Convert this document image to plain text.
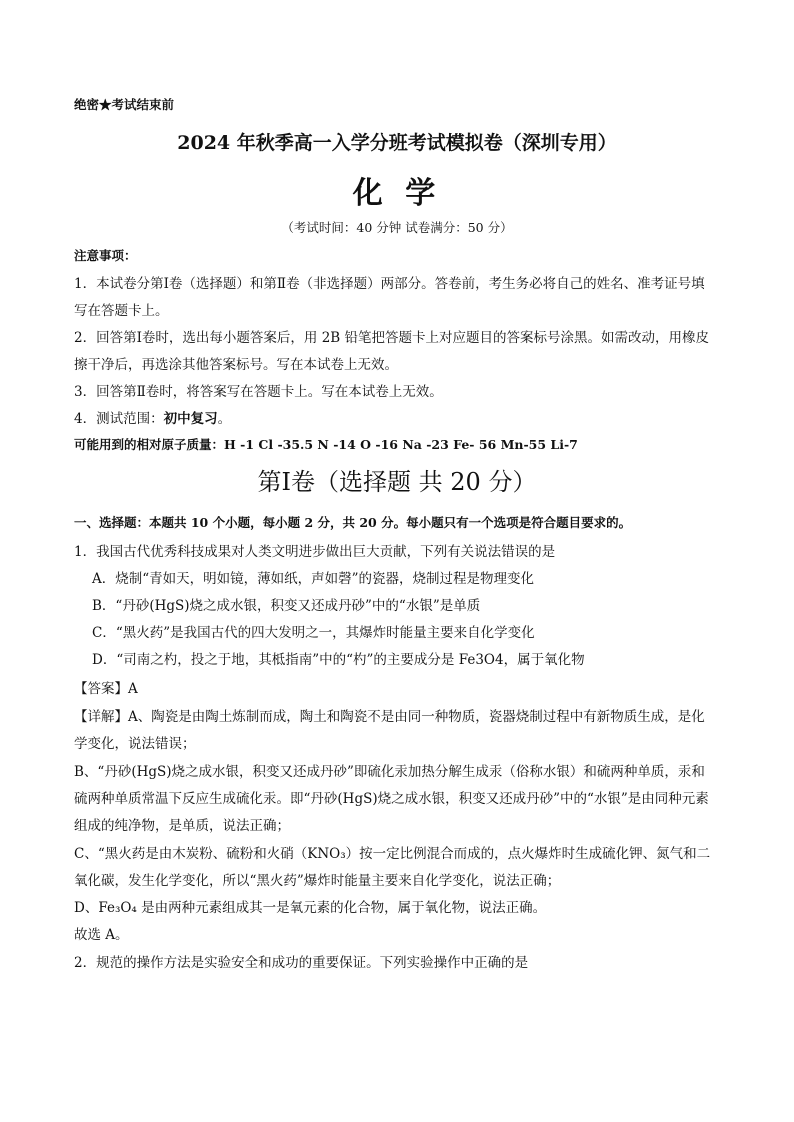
绝密★考试结束前
2024 年秋季高一入学分班考试模拟卷（深圳专用）
化 学
（考试时间：40 分钟 试卷满分：50 分）
注意事项：
1．本试卷分第Ⅰ卷（选择题）和第Ⅱ卷（非选择题）两部分。答卷前，考生务必将自己的姓名、准考证号填
写在答题卡上。
2．回答第Ⅰ卷时，选出每小题答案后，用 2B 铅笔把答题卡上对应题目的答案标号涂黑。如需改动，用橡皮
擦干净后，再选涂其他答案标号。写在本试卷上无效。
3．回答第Ⅱ卷时，将答案写在答题卡上。写在本试卷上无效。
4．测试范围：初中复习。
可能用到的相对原子质量：H -1 Cl -35.5 N -14 O -16 Na -23 Fe- 56 Mn-55 Li-7
第Ⅰ卷（选择题 共 20 分）
一、选择题：本题共 10 个小题，每小题 2 分，共 20 分。每小题只有一个选项是符合题目要求的。
1．我国古代优秀科技成果对人类文明进步做出巨大贡献，下列有关说法错误的是
A．烧制“青如天，明如镜，薄如纸，声如磬”的瓷器，烧制过程是物理变化
B．“丹砂(HgS)烧之成水银，积变又还成丹砂”中的“水银”是单质
C．“黑火药”是我国古代的四大发明之一，其爆炸时能量主要来自化学变化
D．“司南之杓，投之于地，其柢指南”中的“杓”的主要成分是 Fe3O4，属于氧化物
【答案】A
【详解】A、陶瓷是由陶土炼制而成，陶土和陶瓷不是由同一种物质，瓷器烧制过程中有新物质生成，是化
学变化，说法错误；
B、“丹砂(HgS)烧之成水银，积变又还成丹砂”即硫化汞加热分解生成汞（俗称水银）和硫两种单质，汞和
硫两种单质常温下反应生成硫化汞。即“丹砂(HgS)烧之成水银，积变又还成丹砂”中的“水银”是由同种元素
组成的纯净物，是单质，说法正确；
C、“黑火药是由木炭粉、硫粉和火硝（KNO₃）按一定比例混合而成的，点火爆炸时生成硫化钾、氮气和二
氧化碳，发生化学变化，所以“黑火药”爆炸时能量主要来自化学变化，说法正确；
D、Fe₃O₄ 是由两种元素组成其一是氧元素的化合物，属于氧化物，说法正确。
故选 A。
2．规范的操作方法是实验安全和成功的重要保证。下列实验操作中正确的是
